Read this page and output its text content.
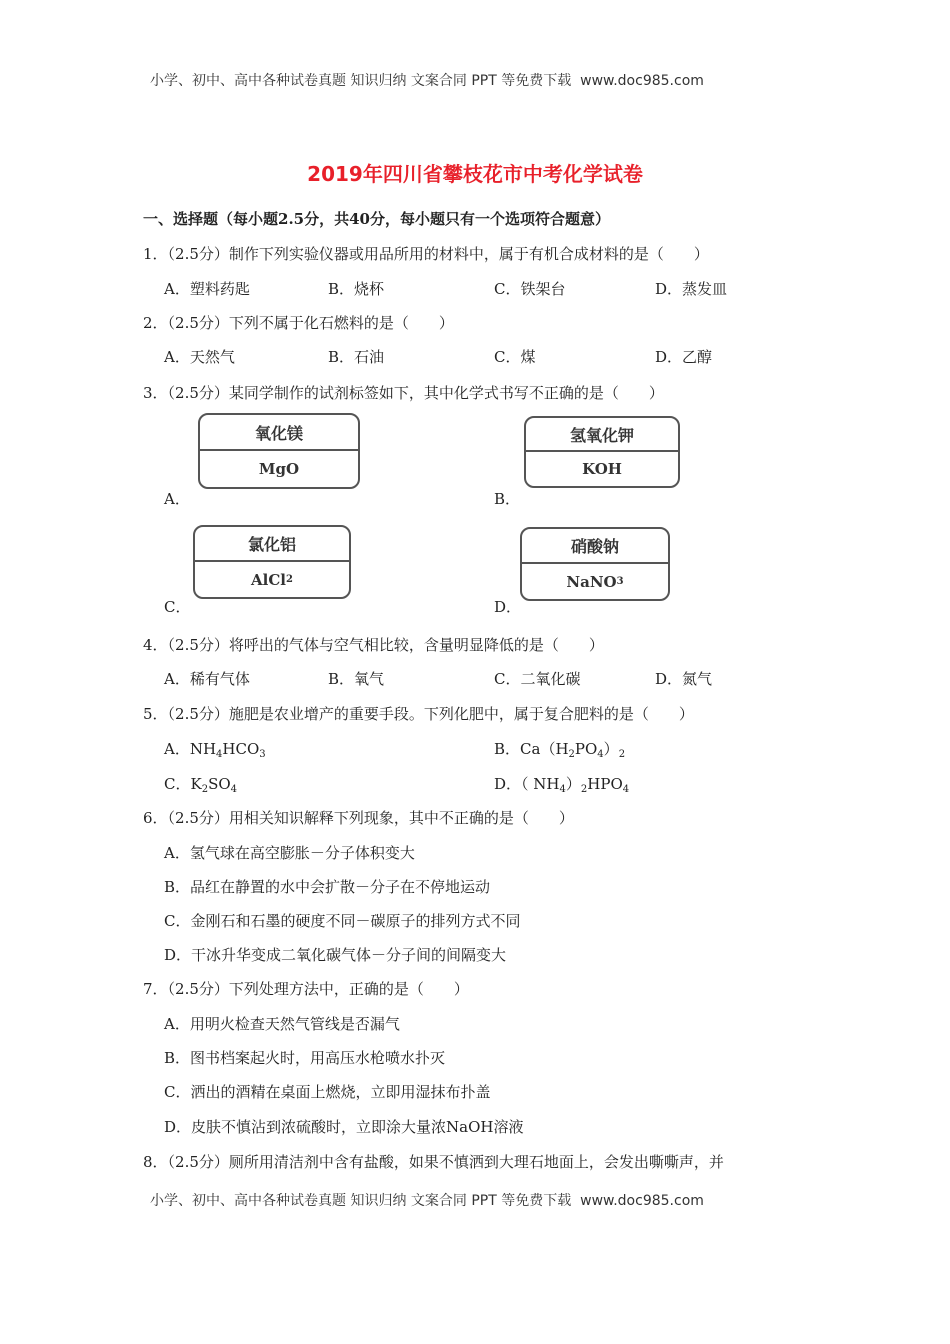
小学、初中、高中各种试卷真题 知识归纳 文案合同 PPT 等免费下载 www.doc985.com
2019年四川省攀枝花市中考化学试卷
一、选择题（每小题2.5分，共40分，每小题只有一个选项符合题意）
1．（2.5分）制作下列实验仪器或用品所用的材料中，属于有机合成材料的是（　　）
A．塑料药匙	B．烧杯	C．铁架台	D．蒸发皿
2．（2.5分）下列不属于化石燃料的是（　　）
A．天然气	B．石油	C．煤	D．乙醇
3．（2.5分）某同学制作的试剂标签如下，其中化学式书写不正确的是（　　）
氧化镁
MgO
A．
氢氧化钾
KOH
B．
氯化铝
AlCl 2
C．
硝酸钠
NaNO 3
D．
4．（2.5分）将呼出的气体与空气相比较，含量明显降低的是（　　）
A．稀有气体	B．氧气	C．二氧化碳	D．氮气
5．（2.5分）施肥是农业增产的重要手段。下列化肥中，属于复合肥料的是（　　）
A．$NH_4HCO_3$	B．$Ca(H_2PO_4)_2$
C．$K_2SO_4$	D．（ $NH_4)_2HPO_4$
6．（2.5分）用相关知识解释下列现象，其中不正确的是（　　）
A．氢气球在高空膨胀－分子体积变大
B．品红在静置的水中会扩散－分子在不停地运动
C．金刚石和石墨的硬度不同－碳原子的排列方式不同
D．干冰升华变成二氧化碳气体－分子间的间隔变大
7．（2.5分）下列处理方法中，正确的是（　　）
A．用明火检查天然气管线是否漏气
B．图书档案起火时，用高压水枪喷水扑灭
C．洒出的酒精在桌面上燃烧，立即用湿抹布扑盖
D．皮肤不慎沾到浓硫酸时，立即涂大量浓NaOH溶液
8．（2.5分）厕所用清洁剂中含有盐酸，如果不慎洒到大理石地面上，会发出嘶嘶声，并
小学、初中、高中各种试卷真题 知识归纳 文案合同 PPT 等免费下载 www.doc985.com
